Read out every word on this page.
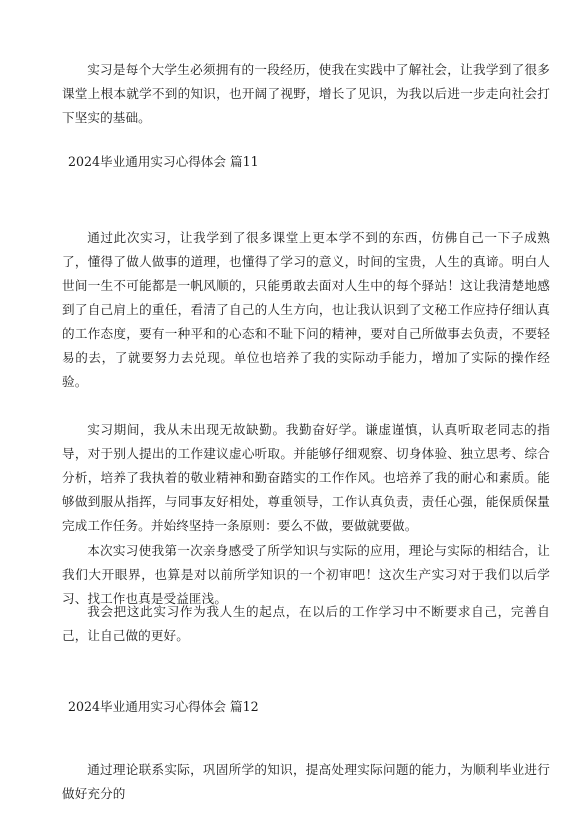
实习是每个大学生必须拥有的一段经历，使我在实践中了解社会，让我学到了很多课堂上根本就学不到的知识，也开阔了视野，增长了见识，为我以后进一步走向社会打下坚实的基础。

2024毕业通用实习心得体会 篇11

通过此次实习，让我学到了很多课堂上更本学不到的东西，仿佛自己一下子成熟了，懂得了做人做事的道理，也懂得了学习的意义，时间的宝贵，人生的真谛。明白人世间一生不可能都是一帆风顺的，只能勇敢去面对人生中的每个驿站！这让我清楚地感到了自己肩上的重任，看清了自己的人生方向，也让我认识到了文秘工作应持仔细认真的工作态度，要有一种平和的心态和不耻下问的精神，要对自己所做事去负责，不要轻易的去，了就要努力去兑现。单位也培养了我的实际动手能力，增加了实际的操作经验。

实习期间，我从未出现无故缺勤。我勤奋好学。谦虚谨慎，认真听取老同志的指导，对于别人提出的工作建议虚心听取。并能够仔细观察、切身体验、独立思考、综合分析，培养了我执着的敬业精神和勤奋踏实的工作作风。也培养了我的耐心和素质。能够做到服从指挥，与同事友好相处，尊重领导，工作认真负责，责任心强，能保质保量完成工作任务。并始终坚持一条原则：要么不做，要做就要做。

本次实习使我第一次亲身感受了所学知识与实际的应用，理论与实际的相结合，让我们大开眼界，也算是对以前所学知识的一个初审吧！这次生产实习对于我们以后学习、找工作也真是受益匪浅。

我会把这此实习作为我人生的起点，在以后的工作学习中不断要求自己，完善自己，让自己做的更好。

2024毕业通用实习心得体会 篇12

通过理论联系实际，巩固所学的知识，提高处理实际问题的能力，为顺利毕业进行做好充分的
